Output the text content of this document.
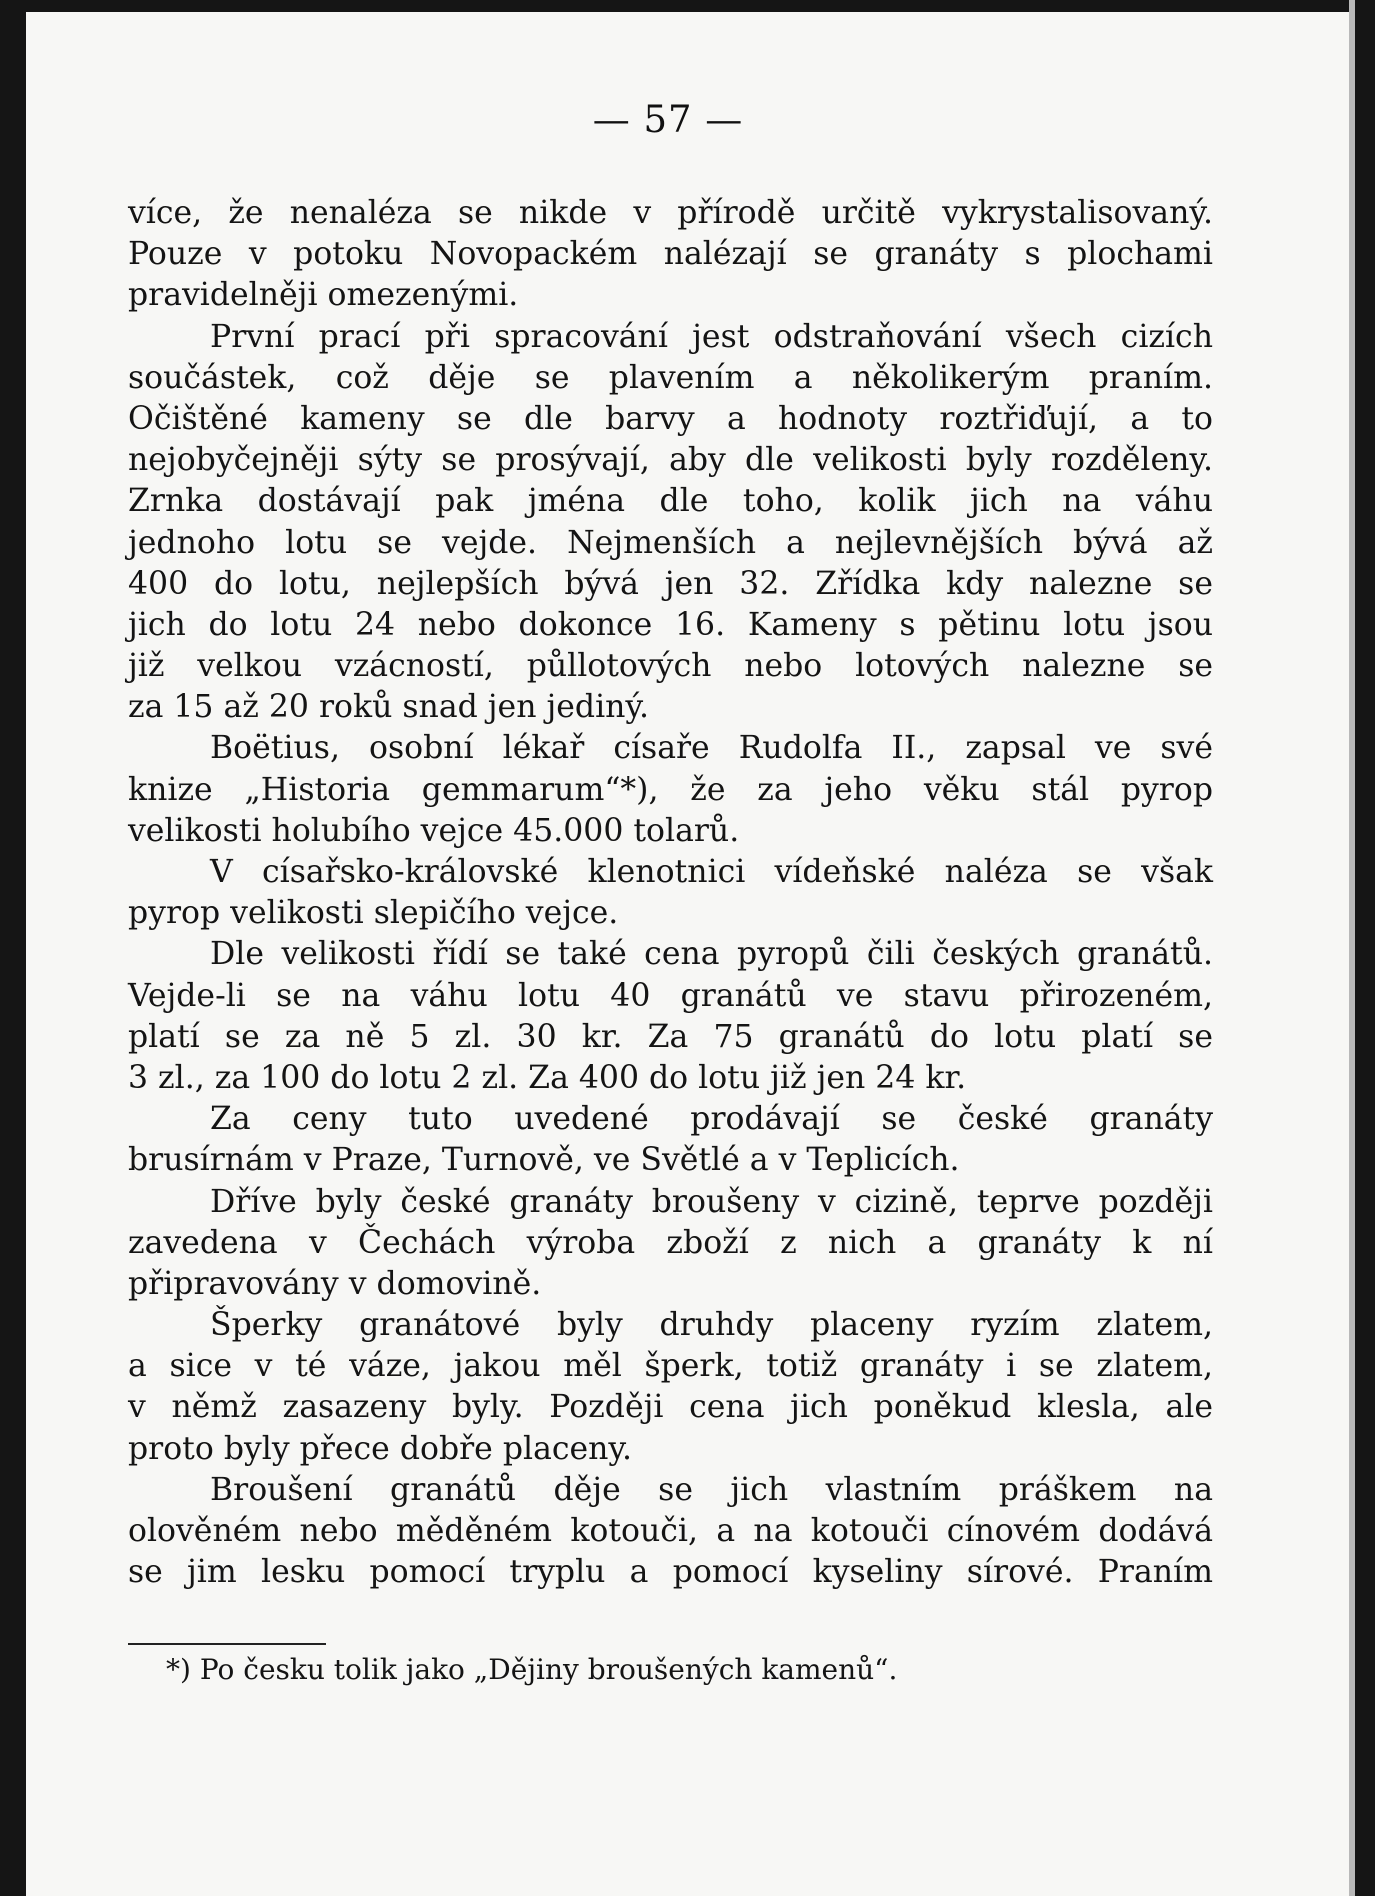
— 57 —
více, že nenaléza se nikde v přírodě určitě vykrystalisovaný.
Pouze v potoku Novopackém nalézají se granáty s plochami
pravidelněji omezenými.
První prací při spracování jest odstraňování všech cizích
součástek, což děje se plavením a několikerým praním.
Očištěné kameny se dle barvy a hodnoty roztřiďují, a to
nejobyčejněji sýty se prosývají, aby dle velikosti byly rozděleny.
Zrnka dostávají pak jména dle toho, kolik jich na váhu
jednoho lotu se vejde. Nejmenších a nejlevnějších bývá až
400 do lotu, nejlepších bývá jen 32. Zřídka kdy nalezne se
jich do lotu 24 nebo dokonce 16. Kameny s pětinu lotu jsou
již velkou vzácností, půllotových nebo lotových nalezne se
za 15 až 20 roků snad jen jediný.
Boëtius, osobní lékař císaře Rudolfa II., zapsal ve své
knize „Historia gemmarum“*), že za jeho věku stál pyrop
velikosti holubího vejce 45.000 tolarů.
V císařsko-královské klenotnici vídeňské naléza se však
pyrop velikosti slepičího vejce.
Dle velikosti řídí se také cena pyropů čili českých granátů.
Vejde-li se na váhu lotu 40 granátů ve stavu přirozeném,
platí se za ně 5 zl. 30 kr. Za 75 granátů do lotu platí se
3 zl., za 100 do lotu 2 zl. Za 400 do lotu již jen 24 kr.
Za ceny tuto uvedené prodávají se české granáty
brusírnám v Praze, Turnově, ve Světlé a v Teplicích.
Dříve byly české granáty broušeny v cizině, teprve později
zavedena v Čechách výroba zboží z nich a granáty k ní
připravovány v domovině.
Šperky granátové byly druhdy placeny ryzím zlatem,
a sice v té váze, jakou měl šperk, totiž granáty i se zlatem,
v němž zasazeny byly. Později cena jich poněkud klesla, ale
proto byly přece dobře placeny.
Broušení granátů děje se jich vlastním práškem na
olověném nebo měděném kotouči, a na kotouči cínovém dodává
se jim lesku pomocí tryplu a pomocí kyseliny sírové. Praním
*) Po česku tolik jako „Dějiny broušených kamenů“.
